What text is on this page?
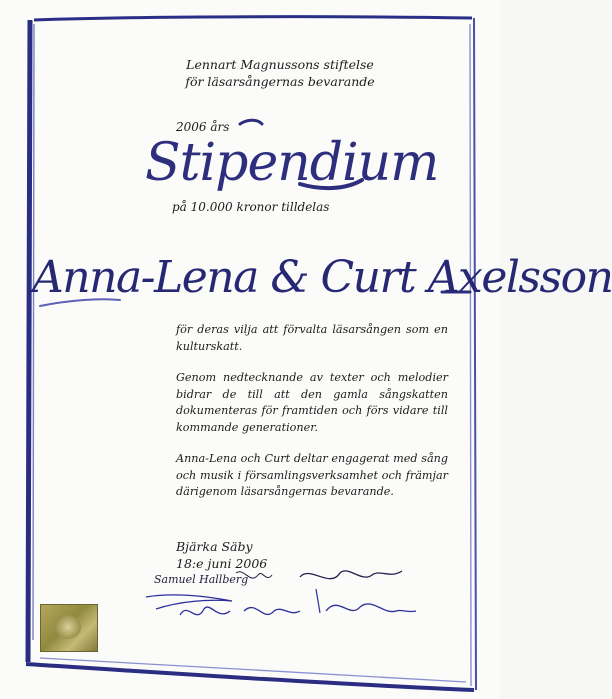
Lennart Magnussons stiftelse
för läsarsångernas bevarande
2006 års
Stipendium
på 10.000 kronor tilldelas
Anna-Lena & Curt Axelsson

för deras vilja att förvalta läsarsången som en kulturskatt.

Genom nedtecknande av texter och melodier bidrar de till att den gamla sångskatten dokumenteras för framtiden och förs vidare till kommande generationer.

Anna-Lena och Curt deltar engagerat med sång och musik i församlingsverksamhet och främjar därigenom läsarsångernas bevarande.

Bjärka Säby
18:e juni 2006
Samuel Hallberg
